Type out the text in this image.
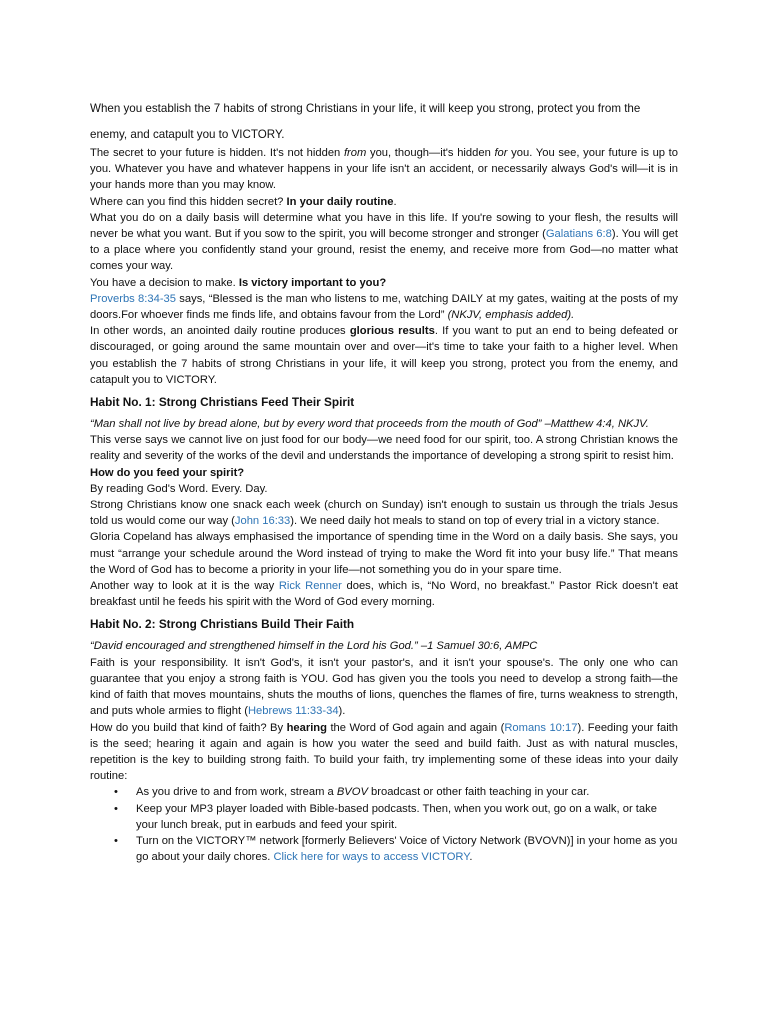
When you establish the 7 habits of strong Christians in your life, it will keep you strong, protect you from the

enemy, and catapult you to VICTORY.

The secret to your future is hidden. It's not hidden from you, though—it's hidden for you. You see, your future is up to you. Whatever you have and whatever happens in your life isn't an accident, or necessarily always God's will—it is in your hands more than you may know.

Where can you find this hidden secret? In your daily routine.

What you do on a daily basis will determine what you have in this life. If you're sowing to your flesh, the results will never be what you want. But if you sow to the spirit, you will become stronger and stronger (Galatians 6:8). You will get to a place where you confidently stand your ground, resist the enemy, and receive more from God—no matter what comes your way.

You have a decision to make. Is victory important to you?

Proverbs 8:34-35 says, “Blessed is the man who listens to me, watching DAILY at my gates, waiting at the posts of my doors.For whoever finds me finds life, and obtains favour from the Lord” (NKJV, emphasis added).

In other words, an anointed daily routine produces glorious results. If you want to put an end to being defeated or discouraged, or going around the same mountain over and over—it's time to take your faith to a higher level. When you establish the 7 habits of strong Christians in your life, it will keep you strong, protect you from the enemy, and catapult you to VICTORY.

Habit No. 1: Strong Christians Feed Their Spirit

“Man shall not live by bread alone, but by every word that proceeds from the mouth of God” –Matthew 4:4, NKJV.

This verse says we cannot live on just food for our body—we need food for our spirit, too. A strong Christian knows the reality and severity of the works of the devil and understands the importance of developing a strong spirit to resist him.

How do you feed your spirit?

By reading God's Word. Every. Day.

Strong Christians know one snack each week (church on Sunday) isn't enough to sustain us through the trials Jesus told us would come our way (John 16:33). We need daily hot meals to stand on top of every trial in a victory stance.

Gloria Copeland has always emphasised the importance of spending time in the Word on a daily basis. She says, you must “arrange your schedule around the Word instead of trying to make the Word fit into your busy life.” That means the Word of God has to become a priority in your life—not something you do in your spare time.

Another way to look at it is the way Rick Renner does, which is, “No Word, no breakfast.” Pastor Rick doesn't eat breakfast until he feeds his spirit with the Word of God every morning.

Habit No. 2: Strong Christians Build Their Faith

“David encouraged and strengthened himself in the Lord his God.” –1 Samuel 30:6, AMPC

Faith is your responsibility. It isn't God's, it isn't your pastor's, and it isn't your spouse's. The only one who can guarantee that you enjoy a strong faith is YOU. God has given you the tools you need to develop a strong faith—the kind of faith that moves mountains, shuts the mouths of lions, quenches the flames of fire, turns weakness to strength, and puts whole armies to flight (Hebrews 11:33-34).

How do you build that kind of faith? By hearing the Word of God again and again (Romans 10:17). Feeding your faith is the seed; hearing it again and again is how you water the seed and build faith. Just as with natural muscles, repetition is the key to building strong faith. To build your faith, try implementing some of these ideas into your daily routine:

• As you drive to and from work, stream a BVOV broadcast or other faith teaching in your car.
• Keep your MP3 player loaded with Bible-based podcasts. Then, when you work out, go on a walk, or take your lunch break, put in earbuds and feed your spirit.
• Turn on the VICTORY™ network [formerly Believers' Voice of Victory Network (BVOVN)] in your home as you go about your daily chores. Click here for ways to access VICTORY.
